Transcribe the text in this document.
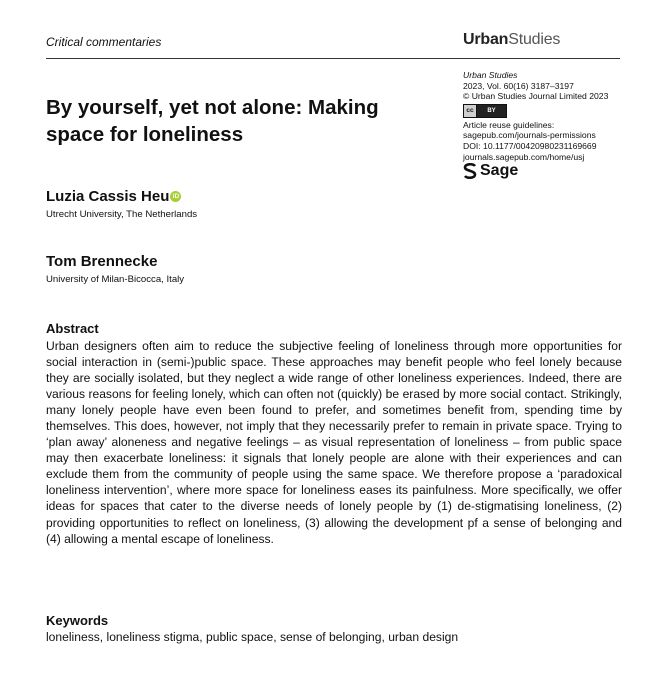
Critical commentaries	UrbanStudies
Urban Studies
2023, Vol. 60(16) 3187–3197
© Urban Studies Journal Limited 2023
cc	BY
Article reuse guidelines:
sagepub.com/journals-permissions
DOI: 10.1177/00420980231169669
journals.sagepub.com/home/usj
Sage
By yourself, yet not alone: Making space for loneliness
Luzia Cassis Heu iD
Utrecht University, The Netherlands
Tom Brennecke
University of Milan-Bicocca, Italy
Abstract
Urban designers often aim to reduce the subjective feeling of loneliness through more opportunities for social interaction in (semi-)public space. These approaches may benefit people who feel lonely because they are socially isolated, but they neglect a wide range of other loneliness experiences. Indeed, there are various reasons for feeling lonely, which can often not (quickly) be erased by more social contact. Strikingly, many lonely people have even been found to prefer, and sometimes benefit from, spending time by themselves. This does, however, not imply that they necessarily prefer to remain in private space. Trying to ‘plan away’ aloneness and negative feelings – as visual representation of loneliness – from public space may then exacerbate loneliness: it signals that lonely people are alone with their experiences and can exclude them from the community of people using the same space. We therefore propose a ‘paradoxical loneliness intervention’, where more space for loneliness eases its painfulness. More specifically, we offer ideas for spaces that cater to the diverse needs of lonely people by (1) de-stigmatising loneliness, (2) providing opportunities to reflect on loneliness, (3) allowing the development pf a sense of belonging and (4) allowing a mental escape of loneliness.
Keywords
loneliness, loneliness stigma, public space, sense of belonging, urban design
